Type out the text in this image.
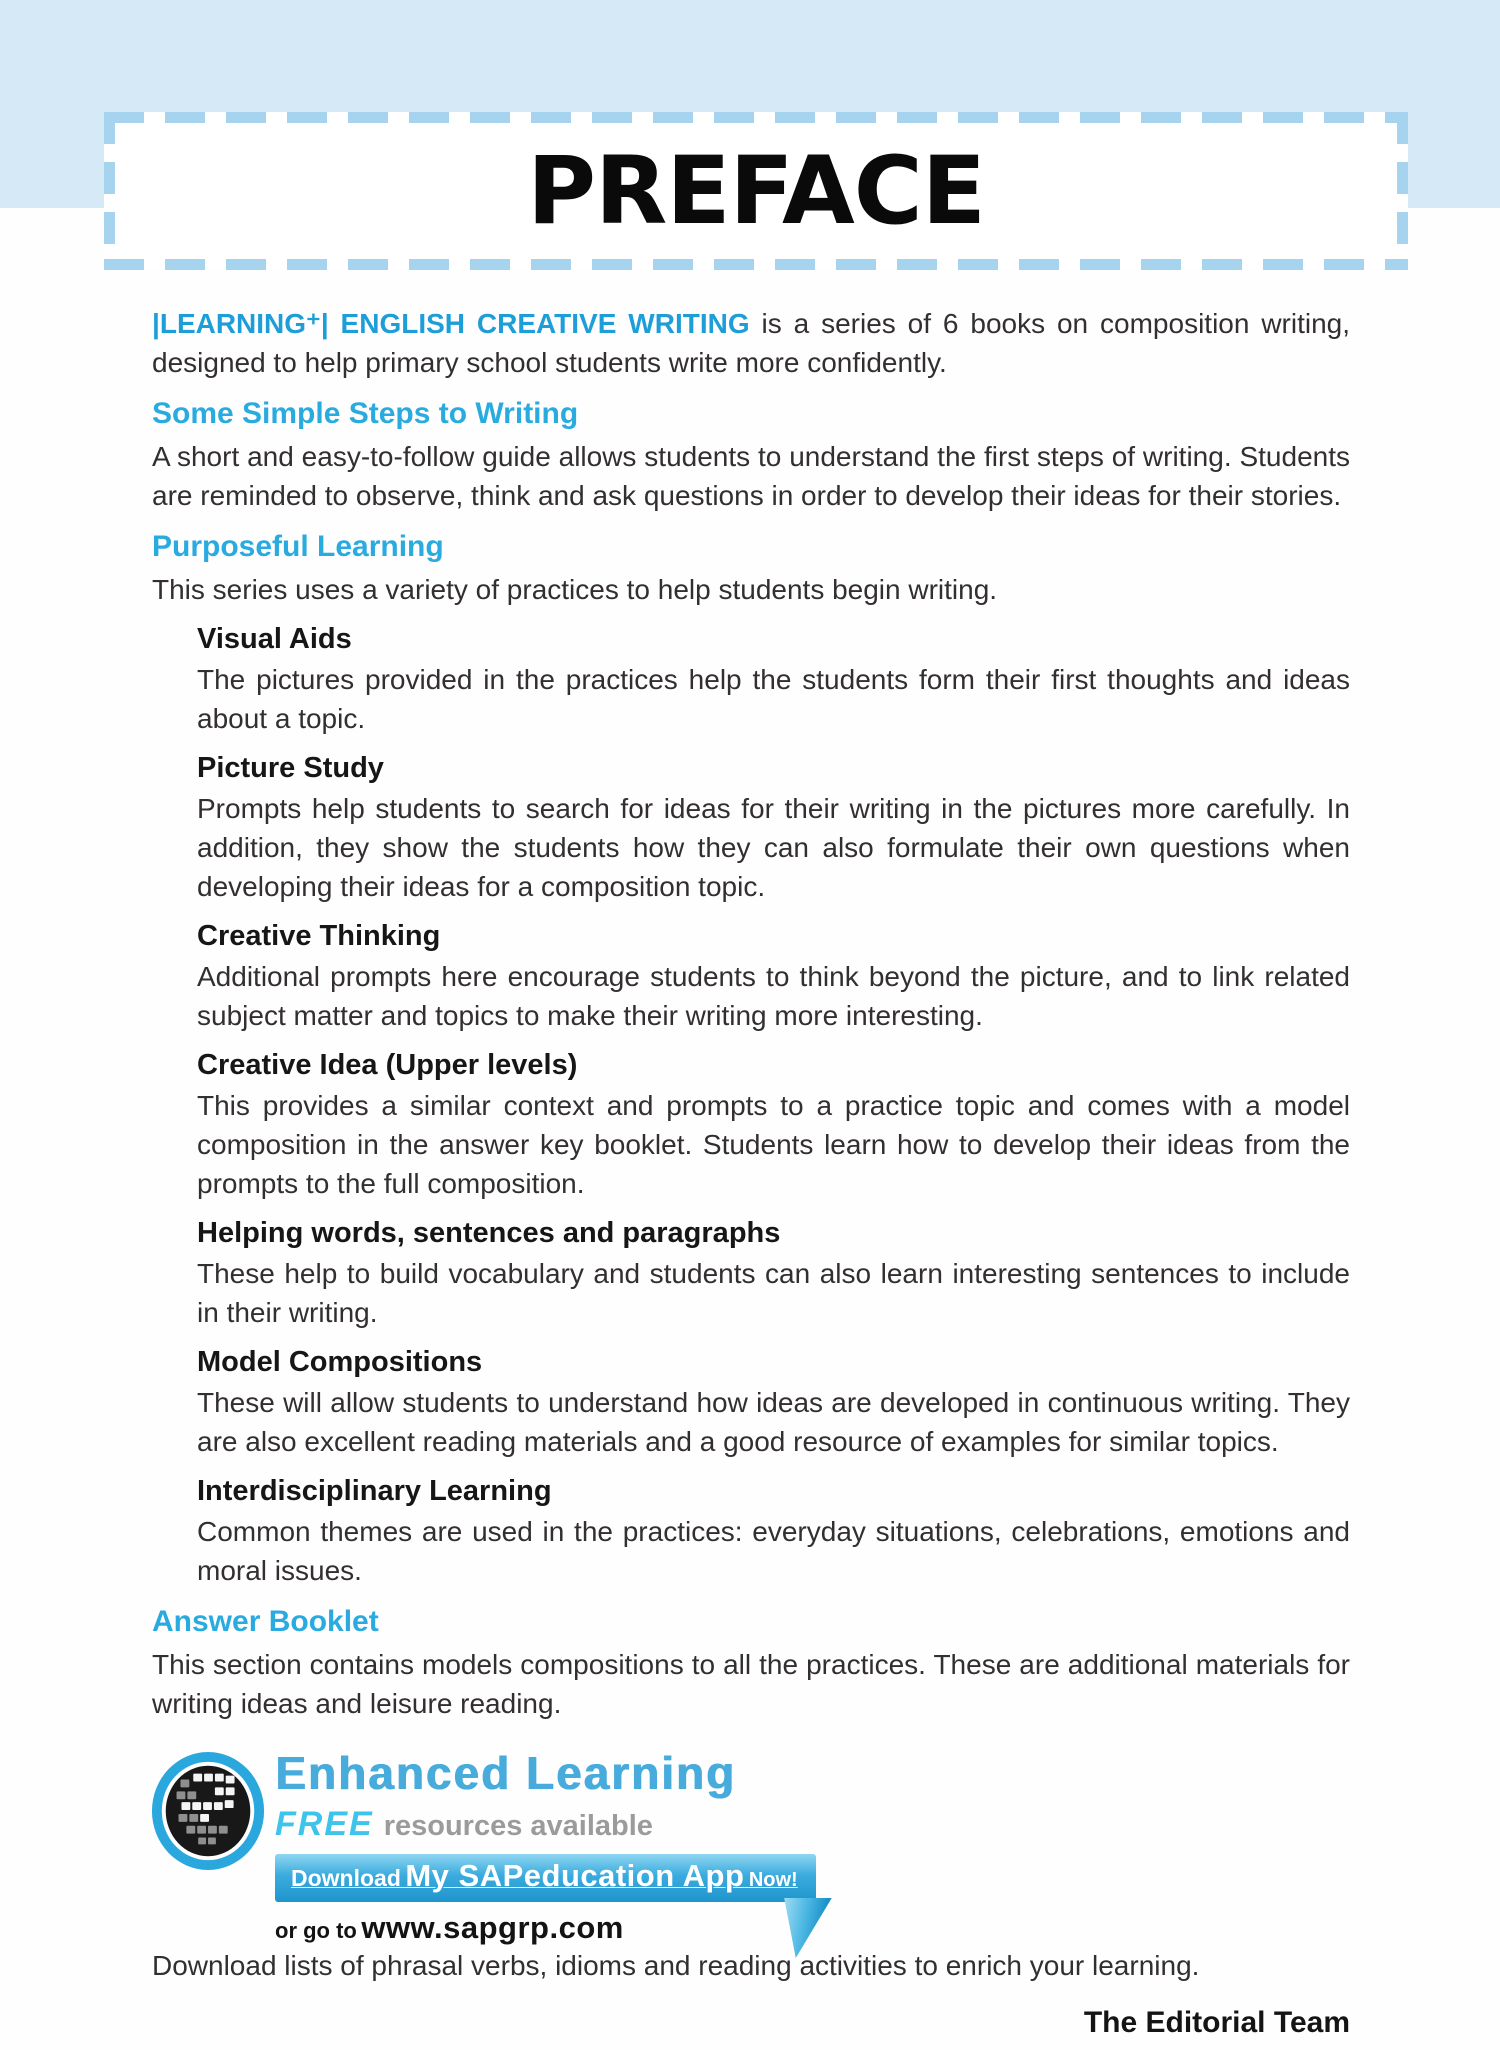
PREFACE

|LEARNING⁺| ENGLISH CREATIVE WRITING is a series of 6 books on composition writing, designed to help primary school students write more confidently.

Some Simple Steps to Writing

A short and easy-to-follow guide allows students to understand the first steps of writing. Students are reminded to observe, think and ask questions in order to develop their ideas for their stories.

Purposeful Learning

This series uses a variety of practices to help students begin writing.

Visual Aids

The pictures provided in the practices help the students form their first thoughts and ideas about a topic.

Picture Study

Prompts help students to search for ideas for their writing in the pictures more carefully. In addition, they show the students how they can also formulate their own questions when developing their ideas for a composition topic.

Creative Thinking

Additional prompts here encourage students to think beyond the picture, and to link related subject matter and topics to make their writing more interesting.

Creative Idea (Upper levels)

This provides a similar context and prompts to a practice topic and comes with a model composition in the answer key booklet. Students learn how to develop their ideas from the prompts to the full composition.

Helping words, sentences and paragraphs

These help to build vocabulary and students can also learn interesting sentences to include in their writing.

Model Compositions

These will allow students to understand how ideas are developed in continuous writing. They are also excellent reading materials and a good resource of examples for similar topics.

Interdisciplinary Learning

Common themes are used in the practices: everyday situations, celebrations, emotions and moral issues.

Answer Booklet

This section contains models compositions to all the practices. These are additional materials for writing ideas and leisure reading.

Enhanced Learning
FREE resources available
Download My SAPeducation App Now!
or go to www.sapgrp.com

Download lists of phrasal verbs, idioms and reading activities to enrich your learning.

The Editorial Team
